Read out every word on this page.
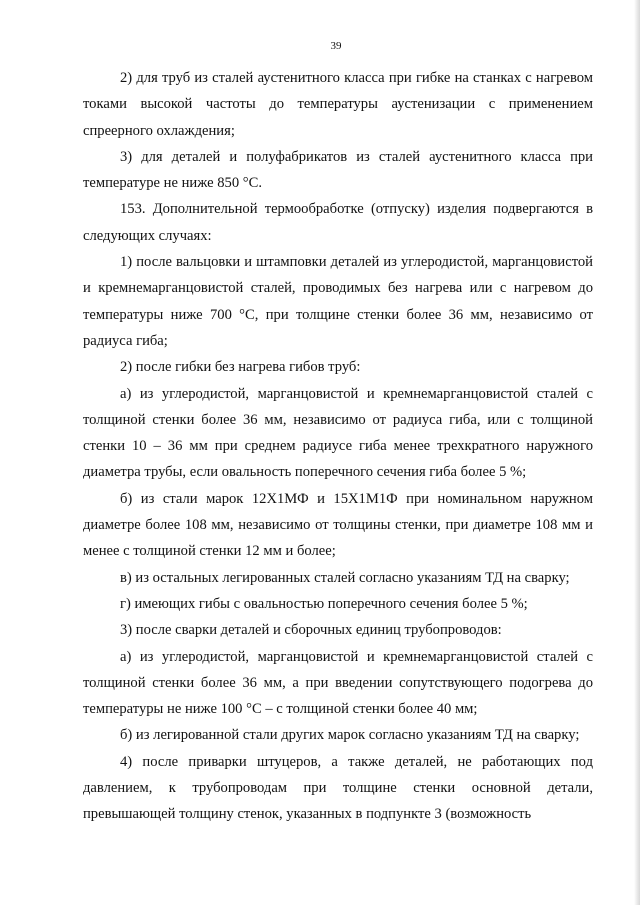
39

2) для труб из сталей аустенитного класса при гибке на станках с нагревом токами высокой частоты до температуры аустенизации с применением спреерного охлаждения;

3) для деталей и полуфабрикатов из сталей аустенитного класса при температуре не ниже 850 °C.

153. Дополнительной термообработке (отпуску) изделия подвергаются в следующих случаях:

1) после вальцовки и штамповки деталей из углеродистой, марганцовистой и кремнемарганцовистой сталей, проводимых без нагрева или с нагревом до температуры ниже 700 °C, при толщине стенки более 36 мм, независимо от радиуса гиба;

2) после гибки без нагрева гибов труб:

а) из углеродистой, марганцовистой и кремнемарганцовистой сталей с толщиной стенки более 36 мм, независимо от радиуса гиба, или с толщиной стенки 10 – 36 мм при среднем радиусе гиба менее трехкратного наружного диаметра трубы, если овальность поперечного сечения гиба более 5 %;

б) из стали марок 12Х1МФ и 15Х1М1Ф при номинальном наружном диаметре более 108 мм, независимо от толщины стенки, при диаметре 108 мм и менее с толщиной стенки 12 мм и более;

в) из остальных легированных сталей согласно указаниям ТД на сварку;

г) имеющих гибы с овальностью поперечного сечения более 5 %;

3) после сварки деталей и сборочных единиц трубопроводов:

а) из углеродистой, марганцовистой и кремнемарганцовистой сталей с толщиной стенки более 36 мм, а при введении сопутствующего подогрева до температуры не ниже 100 °C – с толщиной стенки более 40 мм;

б) из легированной стали других марок согласно указаниям ТД на сварку;

4) после приварки штуцеров, а также деталей, не работающих под давлением, к трубопроводам при толщине стенки основной детали, превышающей толщину стенок, указанных в подпункте 3 (возможность
